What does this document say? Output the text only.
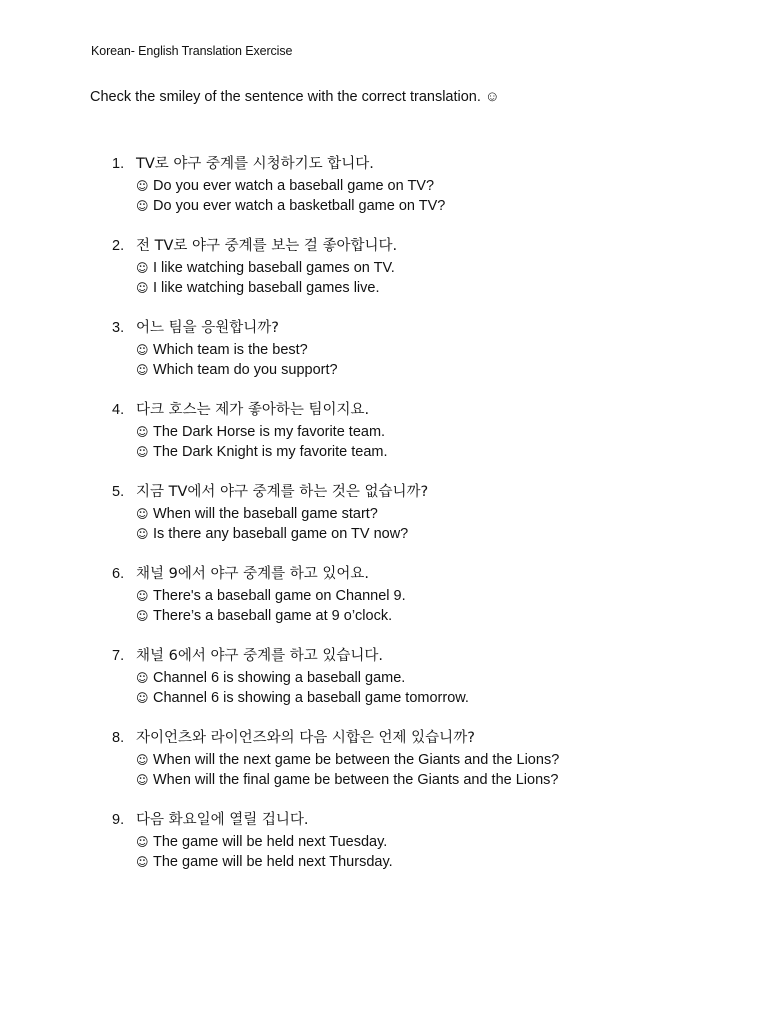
Korean- English Translation Exercise
Check the smiley of the sentence with the correct translation. ☺
1. TV로 야구 중계를 시청하기도 합니다.
☺ Do you ever watch a baseball game on TV?
☺ Do you ever watch a basketball game on TV?
2. 전 TV로 야구 중계를 보는 걸 좋아합니다.
☺ I like watching baseball games on TV.
☺ I like watching baseball games live.
3. 어느 팀을 응원합니까?
☺ Which team is the best?
☺ Which team do you support?
4. 다크 호스는 제가 좋아하는 팀이지요.
☺ The Dark Horse is my favorite team.
☺ The Dark Knight is my favorite team.
5. 지금 TV에서 야구 중계를 하는 것은 없습니까?
☺ When will the baseball game start?
☺ Is there any baseball game on TV now?
6. 채널 9에서 야구 중계를 하고 있어요.
☺ There's a baseball game on Channel 9.
☺ There’s a baseball game at 9 o’clock.
7. 채널 6에서 야구 중계를 하고 있습니다.
☺ Channel 6 is showing a baseball game.
☺ Channel 6 is showing a baseball game tomorrow.
8. 자이언츠와 라이언즈와의 다음 시합은 언제 있습니까?
☺ When will the next game be between the Giants and the Lions?
☺ When will the final game be between the Giants and the Lions?
9. 다음 화요일에 열릴 겁니다.
☺ The game will be held next Tuesday.
☺ The game will be held next Thursday.
